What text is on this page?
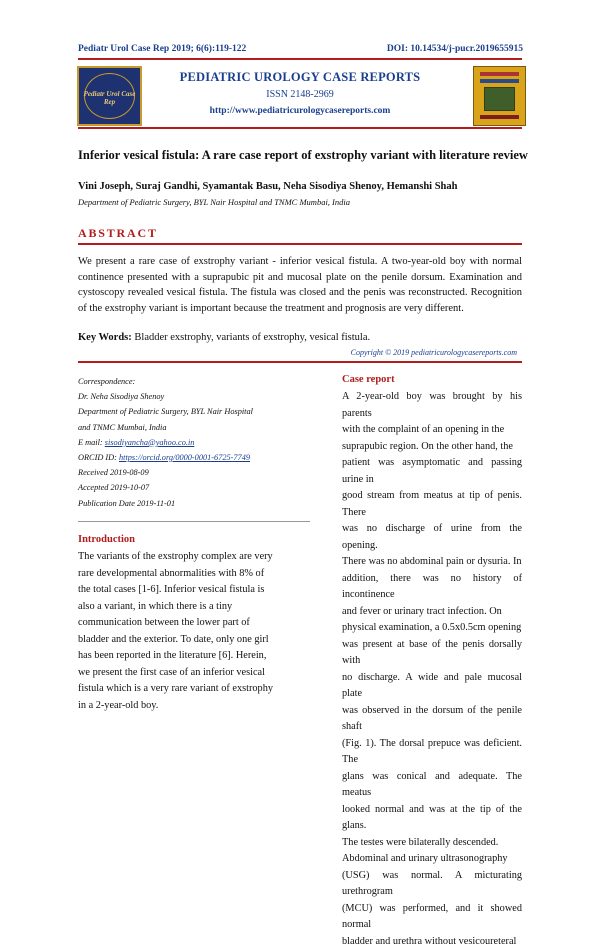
Pediatr Urol Case Rep 2019; 6(6):119-122	DOI: 10.14534/j-pucr.2019655915
Pediatr Urol Case Rep
PEDIATRIC UROLOGY CASE REPORTS
ISSN 2148-2969
http://www.pediatricurologycasereports.com
Inferior vesical fistula: A rare case report of exstrophy variant with literature review
Vini Joseph, Suraj Gandhi, Syamantak Basu, Neha Sisodiya Shenoy, Hemanshi Shah
Department of Pediatric Surgery, BYL Nair Hospital and TNMC Mumbai, India
ABSTRACT
We present a rare case of exstrophy variant - inferior vesical fistula. A two-year-old boy with normal continence presented with a suprapubic pit and mucosal plate on the penile dorsum. Examination and cystoscopy revealed vesical fistula. The fistula was closed and the penis was reconstructed. Recognition of the exstrophy variant is important because the treatment and prognosis are very different.
Key Words: Bladder exstrophy, variants of exstrophy, vesical fistula.
Copyright © 2019 pediatricurologycasereports.com
Correspondence:
Dr. Neha Sisodiya Shenoy
Department of Pediatric Surgery, BYL Nair Hospital
and TNMC Mumbai, India
E mail: sisodiyancha@yahoo.co.in
ORCID ID: https://orcid.org/0000-0001-6725-7749
Received 2019-08-09
Accepted 2019-10-07
Publication Date 2019-11-01
Introduction
The variants of the exstrophy complex are very
rare developmental abnormalities with 8% of
the total cases [1-6]. Inferior vesical fistula is
also a variant, in which there is a tiny
communication between the lower part of
bladder and the exterior. To date, only one girl
has been reported in the literature [6]. Herein,
we present the first case of an inferior vesical
fistula which is a very rare variant of exstrophy
in a 2-year-old boy.
Case report
A 2-year-old boy was brought by his parents
with the complaint of an opening in the
suprapubic region. On the other hand, the
patient was asymptomatic and passing urine in
good stream from meatus at tip of penis. There
was no discharge of urine from the opening.
There was no abdominal pain or dysuria. In
addition, there was no history of incontinence
and fever or urinary tract infection. On
physical examination, a 0.5x0.5cm opening
was present at base of the penis dorsally with
no discharge. A wide and pale mucosal plate
was observed in the dorsum of the penile shaft
(Fig. 1). The dorsal prepuce was deficient. The
glans was conical and adequate. The meatus
looked normal and was at the tip of the glans.
The testes were bilaterally descended.
Abdominal and urinary ultrasonography
(USG) was normal. A micturating urethrogram
(MCU) was performed, and it showed normal
bladder and urethra without vesicoureteral
